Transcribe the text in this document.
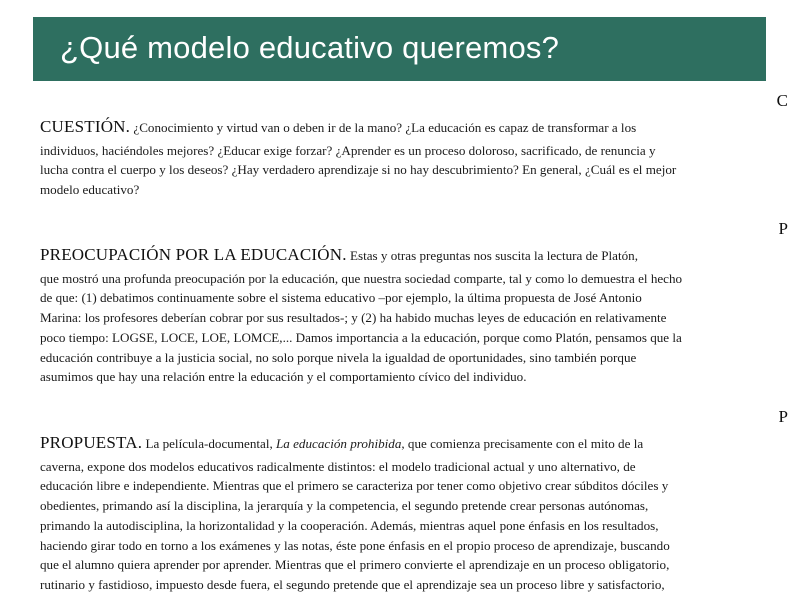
¿Qué modelo educativo queremos?
C
P
P
CUESTIÓN. ¿Conocimiento y virtud van o deben ir de la mano? ¿La educación es capaz de transformar a los
individuos, haciéndoles mejores? ¿Educar exige forzar? ¿Aprender es un proceso doloroso, sacrificado, de renuncia y
lucha contra el cuerpo y los deseos? ¿Hay verdadero aprendizaje si no hay descubrimiento? En general, ¿Cuál es el mejor
modelo educativo?
PREOCUPACIÓN POR LA EDUCACIÓN. Estas y otras preguntas nos suscita la lectura de Platón,
que mostró una profunda preocupación por la educación, que nuestra sociedad comparte, tal y como lo demuestra el hecho
de que: (1) debatimos continuamente sobre el sistema educativo –por ejemplo, la última propuesta de José Antonio
Marina: los profesores deberían cobrar por sus resultados-; y (2) ha habido muchas leyes de educación en relativamente
poco tiempo: LOGSE, LOCE, LOE, LOMCE,... Damos importancia a la educación, porque como Platón, pensamos que la
educación contribuye a la justicia social, no solo porque nivela la igualdad de oportunidades, sino también porque
asumimos que hay una relación entre la educación y el comportamiento cívico del individuo.
PROPUESTA. La película-documental, La educación prohibida, que comienza precisamente con el mito de la
caverna, expone dos modelos educativos radicalmente distintos: el modelo tradicional actual y uno alternativo, de
educación libre e independiente. Mientras que el primero se caracteriza por tener como objetivo crear súbditos dóciles y
obedientes, primando así la disciplina, la jerarquía y la competencia, el segundo pretende crear personas autónomas,
primando la autodisciplina, la horizontalidad y la cooperación. Además, mientras aquel pone énfasis en los resultados,
haciendo girar todo en torno a los exámenes y las notas, éste pone énfasis en el propio proceso de aprendizaje, buscando
que el alumno quiera aprender por aprender. Mientras que el primero convierte el aprendizaje en un proceso obligatorio,
rutinario y fastidioso, impuesto desde fuera, el segundo pretende que el aprendizaje sea un proceso libre y satisfactorio,
